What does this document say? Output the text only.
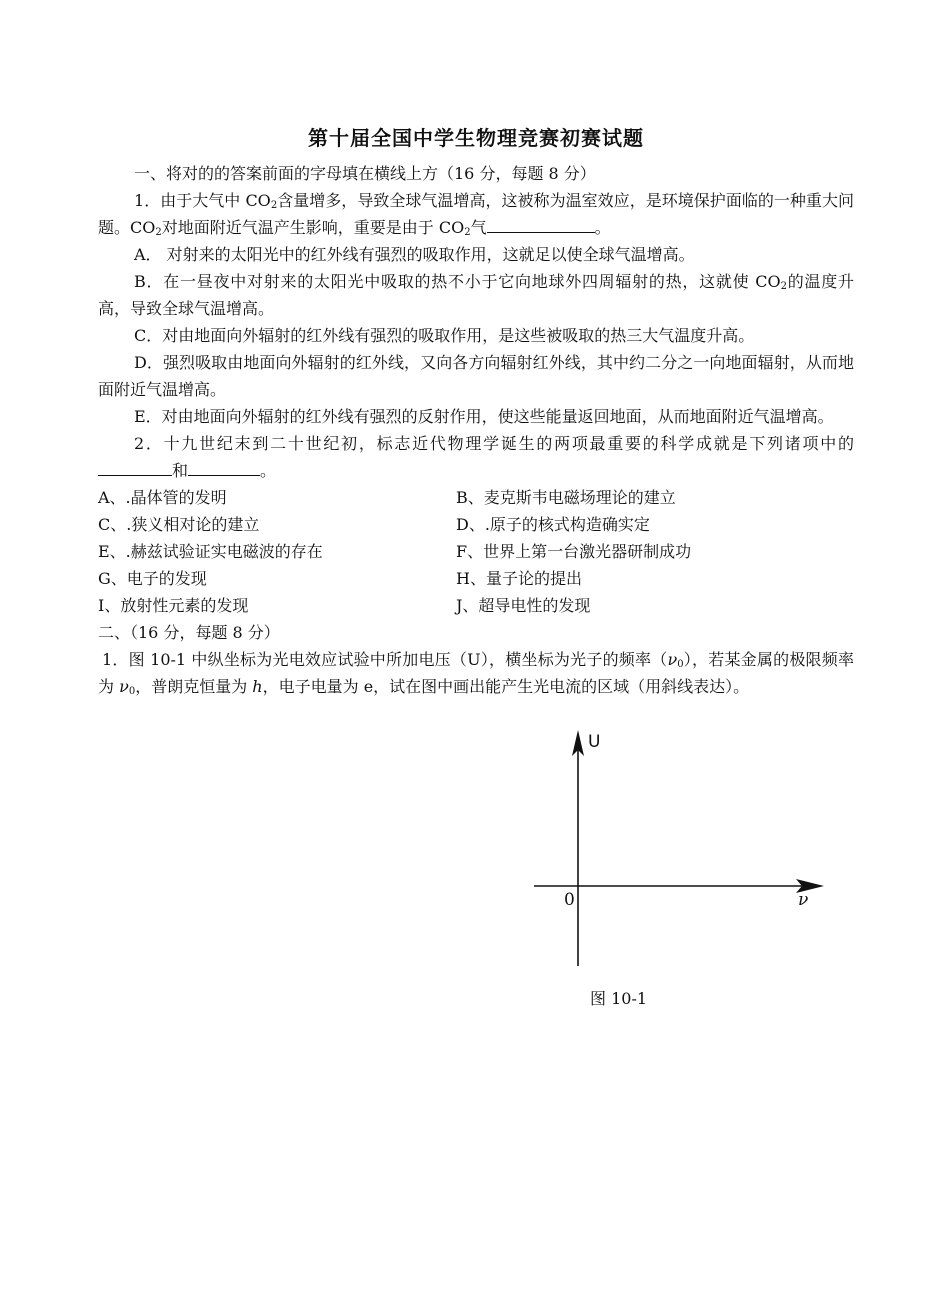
第十届全国中学生物理竞赛初赛试题

一、将对的的答案前面的字母填在横线上方（16 分，每题 8 分）

1．由于大气中 $CO_2$含量增多，导致全球气温增高，这被称为温室效应，是环境保护面临的一种重大问题。$CO_2$对地面附近气温产生影响，重要是由于 $CO_2$气	。

A． 对射来的太阳光中的红外线有强烈的吸取作用，这就足以使全球气温增高。

B．在一昼夜中对射来的太阳光中吸取的热不小于它向地球外四周辐射的热，这就使 $CO_2$的温度升高，导致全球气温增高。

C．对由地面向外辐射的红外线有强烈的吸取作用，是这些被吸取的热三大气温度升高。

D．强烈吸取由地面向外辐射的红外线，又向各方向辐射红外线，其中约二分之一向地面辐射，从而地面附近气温增高。

E．对由地面向外辐射的红外线有强烈的反射作用，使这些能量返回地面，从而地面附近气温增高。

2．十九世纪末到二十世纪初，标志近代物理学诞生的两项最重要的科学成就是下列诸项中的和	。

A、.晶体管的发明	B、麦克斯韦电磁场理论的建立
C、.狭义相对论的建立	D、.原子的核式构造确实定
E、.赫兹试验证实电磁波的存在	F、世界上第一台激光器研制成功
G、电子的发现	H、量子论的提出
I、放射性元素的发现	J、超导电性的发现

二、（16 分，每题 8 分）

1．图 10-1 中纵坐标为光电效应试验中所加电压（U），横坐标为光子的频率$(\nu_0)$，若某金属的极限频率为 $\nu_0$，普朗克恒量为 h，电子电量为 e，试在图中画出能产生光电流的区域（用斜线表达）。

U
ν
0
图 10-1
